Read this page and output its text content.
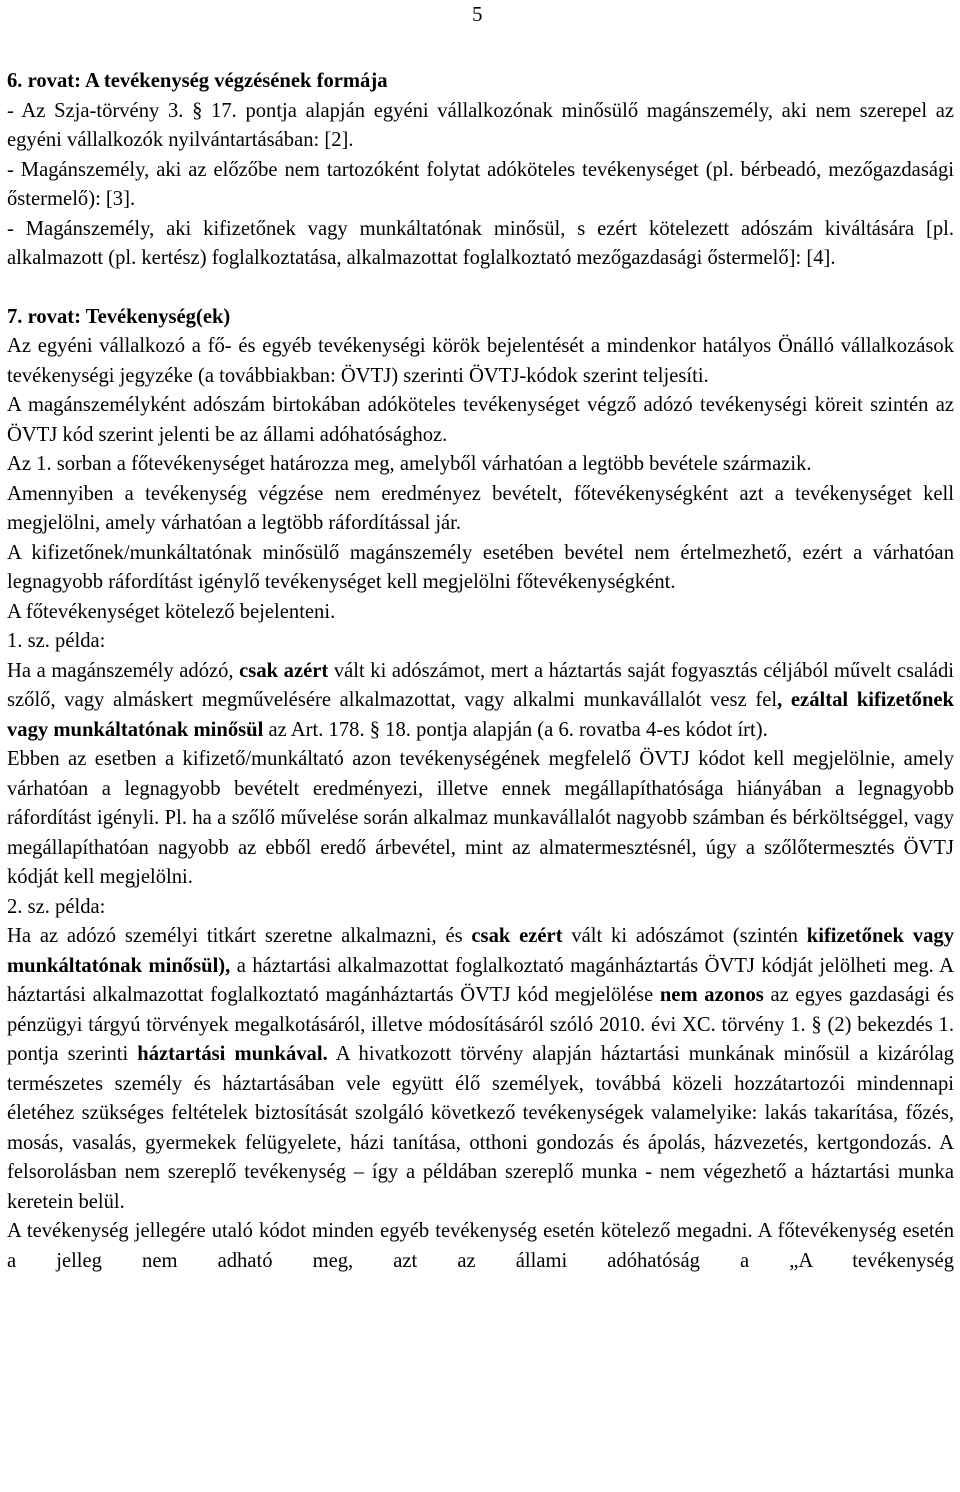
5

6. rovat: A tevékenység végzésének formája

- Az Szja-törvény 3. § 17. pontja alapján egyéni vállalkozónak minősülő magánszemély, aki nem szerepel az egyéni vállalkozók nyilvántartásában: [2].

- Magánszemély, aki az előzőbe nem tartozóként folytat adóköteles tevékenységet (pl. bérbeadó, mezőgazdasági őstermelő): [3].

- Magánszemély, aki kifizetőnek vagy munkáltatónak minősül, s ezért kötelezett adószám kiváltására [pl. alkalmazott (pl. kertész) foglalkoztatása, alkalmazottat foglalkoztató mezőgazdasági őstermelő]: [4].

7. rovat: Tevékenység(ek)

Az egyéni vállalkozó a fő- és egyéb tevékenységi körök bejelentését a mindenkor hatályos Önálló vállalkozások tevékenységi jegyzéke (a továbbiakban: ÖVTJ) szerinti ÖVTJ-kódok szerint teljesíti.

A magánszemélyként adószám birtokában adóköteles tevékenységet végző adózó tevékenységi köreit szintén az ÖVTJ kód szerint jelenti be az állami adóhatósághoz.

Az 1. sorban a főtevékenységet határozza meg, amelyből várhatóan a legtöbb bevétele származik.

Amennyiben a tevékenység végzése nem eredményez bevételt, főtevékenységként azt a tevékenységet kell megjelölni, amely várhatóan a legtöbb ráfordítással jár.

A kifizetőnek/munkáltatónak minősülő magánszemély esetében bevétel nem értelmezhető, ezért a várhatóan legnagyobb ráfordítást igénylő tevékenységet kell megjelölni főtevékenységként.

A főtevékenységet kötelező bejelenteni.

1. sz. példa:

Ha a magánszemély adózó, csak azért vált ki adószámot, mert a háztartás saját fogyasztás céljából művelt családi szőlő, vagy almáskert megművelésére alkalmazottat, vagy alkalmi munkavállalót vesz fel, ezáltal kifizetőnek vagy munkáltatónak minősül az Art. 178. § 18. pontja alapján (a 6. rovatba 4-es kódot írt).

Ebben az esetben a kifizető/munkáltató azon tevékenységének megfelelő ÖVTJ kódot kell megjelölnie, amely várhatóan a legnagyobb bevételt eredményezi, illetve ennek megállapíthatósága hiányában a legnagyobb ráfordítást igényli. Pl. ha a szőlő művelése során alkalmaz munkavállalót nagyobb számban és bérköltséggel, vagy megállapíthatóan nagyobb az ebből eredő árbevétel, mint az almatermesztésnél, úgy a szőlőtermesztés ÖVTJ kódját kell megjelölni.

2. sz. példa:

Ha az adózó személyi titkárt szeretne alkalmazni, és csak ezért vált ki adószámot (szintén kifizetőnek vagy munkáltatónak minősül), a háztartási alkalmazottat foglalkoztató magánháztartás ÖVTJ kódját jelölheti meg. A háztartási alkalmazottat foglalkoztató magánháztartás ÖVTJ kód megjelölése nem azonos az egyes gazdasági és pénzügyi tárgyú törvények megalkotásáról, illetve módosításáról szóló 2010. évi XC. törvény 1. § (2) bekezdés 1. pontja szerinti háztartási munkával. A hivatkozott törvény alapján háztartási munkának minősül a kizárólag természetes személy és háztartásában vele együtt élő személyek, továbbá közeli hozzátartozói mindennapi életéhez szükséges feltételek biztosítását szolgáló következő tevékenységek valamelyike: lakás takarítása, főzés, mosás, vasalás, gyermekek felügyelete, házi tanítása, otthoni gondozás és ápolás, házvezetés, kertgondozás. A felsorolásban nem szereplő tevékenység – így a példában szereplő munka - nem végezhető a háztartási munka keretein belül.

A tevékenység jellegére utaló kódot minden egyéb tevékenység esetén kötelező megadni. A főtevékenység esetén a jelleg nem adható meg, azt az állami adóhatóság a „A tevékenység
